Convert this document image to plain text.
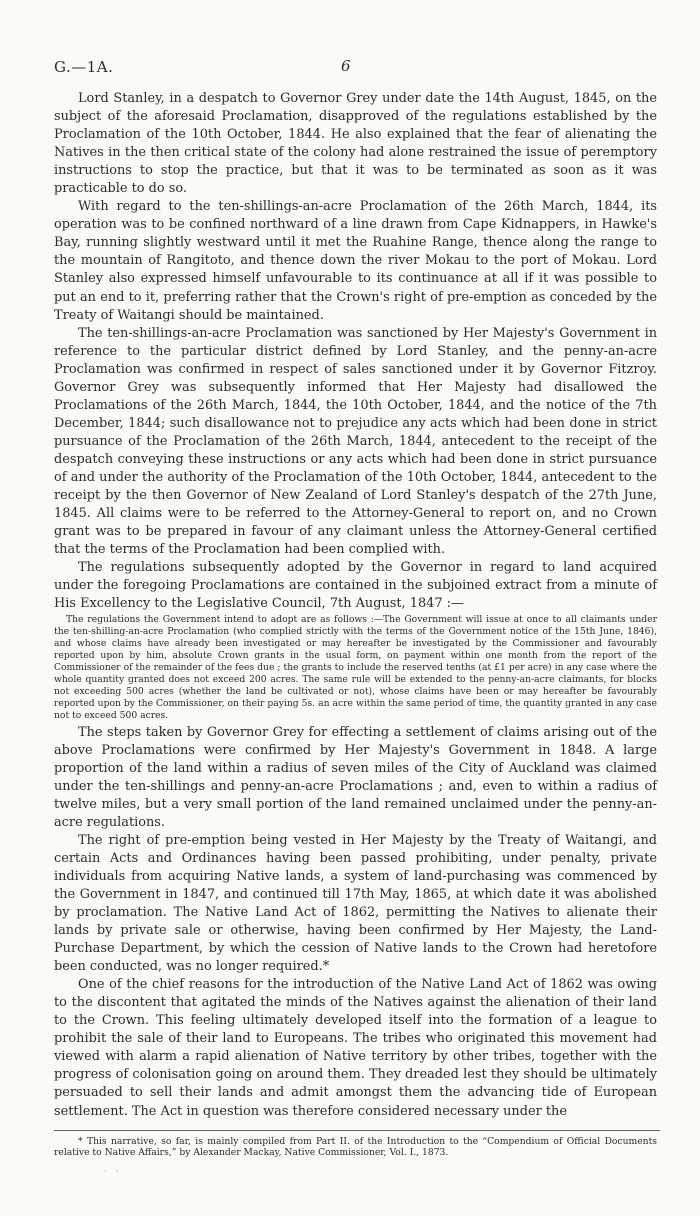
G.—1A.	6

Lord Stanley, in a despatch to Governor Grey under date the 14th August, 1845, on the subject of the aforesaid Proclamation, disapproved of the regulations established by the Proclamation of the 10th October, 1844. He also explained that the fear of alienating the Natives in the then critical state of the colony had alone restrained the issue of peremptory instructions to stop the practice, but that it was to be terminated as soon as it was practicable to do so.

With regard to the ten-shillings-an-acre Proclamation of the 26th March, 1844, its operation was to be confined northward of a line drawn from Cape Kidnappers, in Hawke's Bay, running slightly westward until it met the Ruahine Range, thence along the range to the mountain of Rangitoto, and thence down the river Mokau to the port of Mokau. Lord Stanley also expressed himself unfavourable to its continuance at all if it was possible to put an end to it, preferring rather that the Crown's right of pre-emption as conceded by the Treaty of Waitangi should be maintained.

The ten-shillings-an-acre Proclamation was sanctioned by Her Majesty's Government in reference to the particular district defined by Lord Stanley, and the penny-an-acre Proclamation was confirmed in respect of sales sanctioned under it by Governor Fitzroy. Governor Grey was subsequently informed that Her Majesty had disallowed the Proclamations of the 26th March, 1844, the 10th October, 1844, and the notice of the 7th December, 1844; such disallowance not to prejudice any acts which had been done in strict pursuance of the Proclamation of the 26th March, 1844, antecedent to the receipt of the despatch conveying these instructions or any acts which had been done in strict pursuance of and under the authority of the Proclamation of the 10th October, 1844, antecedent to the receipt by the then Governor of New Zealand of Lord Stanley's despatch of the 27th June, 1845. All claims were to be referred to the Attorney-General to report on, and no Crown grant was to be prepared in favour of any claimant unless the Attorney-General certified that the terms of the Proclamation had been complied with.

The regulations subsequently adopted by the Governor in regard to land acquired under the foregoing Proclamations are contained in the subjoined extract from a minute of His Excellency to the Legislative Council, 7th August, 1847 :—

The regulations the Government intend to adopt are as follows :—The Government will issue at once to all claimants under the ten-shilling-an-acre Proclamation (who complied strictly with the terms of the Government notice of the 15th June, 1846), and whose claims have already been investigated or may hereafter be investigated by the Commissioner and favourably reported upon by him, absolute Crown grants in the usual form, on payment within one month from the report of the Commissioner of the remainder of the fees due ; the grants to include the reserved tenths (at £1 per acre) in any case where the whole quantity granted does not exceed 200 acres. The same rule will be extended to the penny-an-acre claimants, for blocks not exceeding 500 acres (whether the land be cultivated or not), whose claims have been or may hereafter be favourably reported upon by the Commissioner, on their paying 5s. an acre within the same period of time, the quantity granted in any case not to exceed 500 acres.

The steps taken by Governor Grey for effecting a settlement of claims arising out of the above Proclamations were confirmed by Her Majesty's Government in 1848. A large proportion of the land within a radius of seven miles of the City of Auckland was claimed under the ten-shillings and penny-an-acre Proclamations ; and, even to within a radius of twelve miles, but a very small portion of the land remained unclaimed under the penny-an-acre regulations.

The right of pre-emption being vested in Her Majesty by the Treaty of Waitangi, and certain Acts and Ordinances having been passed prohibiting, under penalty, private individuals from acquiring Native lands, a system of land-purchasing was commenced by the Government in 1847, and continued till 17th May, 1865, at which date it was abolished by proclamation. The Native Land Act of 1862, permitting the Natives to alienate their lands by private sale or otherwise, having been confirmed by Her Majesty, the Land-Purchase Department, by which the cession of Native lands to the Crown had heretofore been conducted, was no longer required.*

One of the chief reasons for the introduction of the Native Land Act of 1862 was owing to the discontent that agitated the minds of the Natives against the alienation of their land to the Crown. This feeling ultimately developed itself into the formation of a league to prohibit the sale of their land to Europeans. The tribes who originated this movement had viewed with alarm a rapid alienation of Native territory by other tribes, together with the progress of colonisation going on around them. They dreaded lest they should be ultimately persuaded to sell their lands and admit amongst them the advancing tide of European settlement. The Act in question was therefore considered necessary under the

* This narrative, so far, is mainly compiled from Part II. of the Introduction to the “Compendium of Official Documents relative to Native Affairs,” by Alexander Mackay, Native Commissioner, Vol. I., 1873.

· ·
